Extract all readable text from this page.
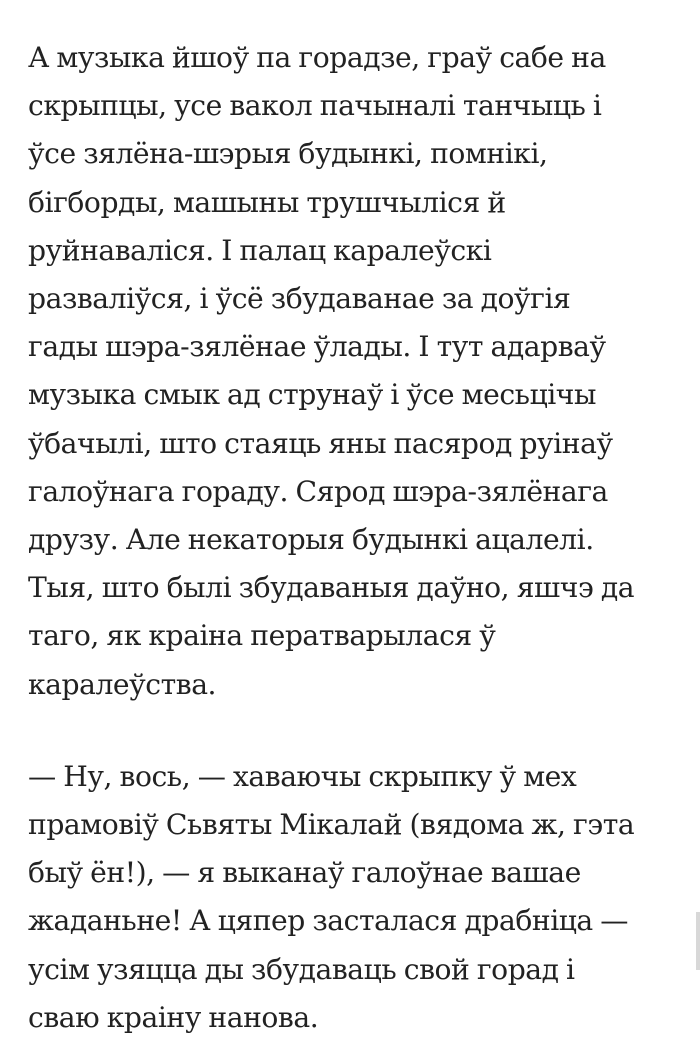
А музыка йшоў па горадзе, граў сабе на
скрыпцы, усе вакол пачыналі танчыць і
ўсе зялёна-шэрыя будынкі, помнікі,
бігборды, машыны трушчыліся й
руйнаваліся. І палац каралеўскі
разваліўся, і ўсё збудаванае за доўгія
гады шэра-зялёнае ўлады. І тут адарваў
музыка смык ад струнаў і ўсе месьцічы
ўбачылі, што стаяць яны пасярод руінаў
галоўнага гораду. Сярод шэра-зялёнага
друзу. Але некаторыя будынкі ацалелі.
Тыя, што былі збудаваныя даўно, яшчэ да
таго, як краіна ператварылася ў
каралеўства.

— Ну, вось, — хаваючы скрыпку ў мех
прамовіў Сьвяты Мікалай (вядома ж, гэта
быў ён!), — я выканаў галоўнае вашае
жаданьне! А цяпер засталася драбніца —
усім узяцца ды збудаваць свой горад і
сваю краіну нанова.
